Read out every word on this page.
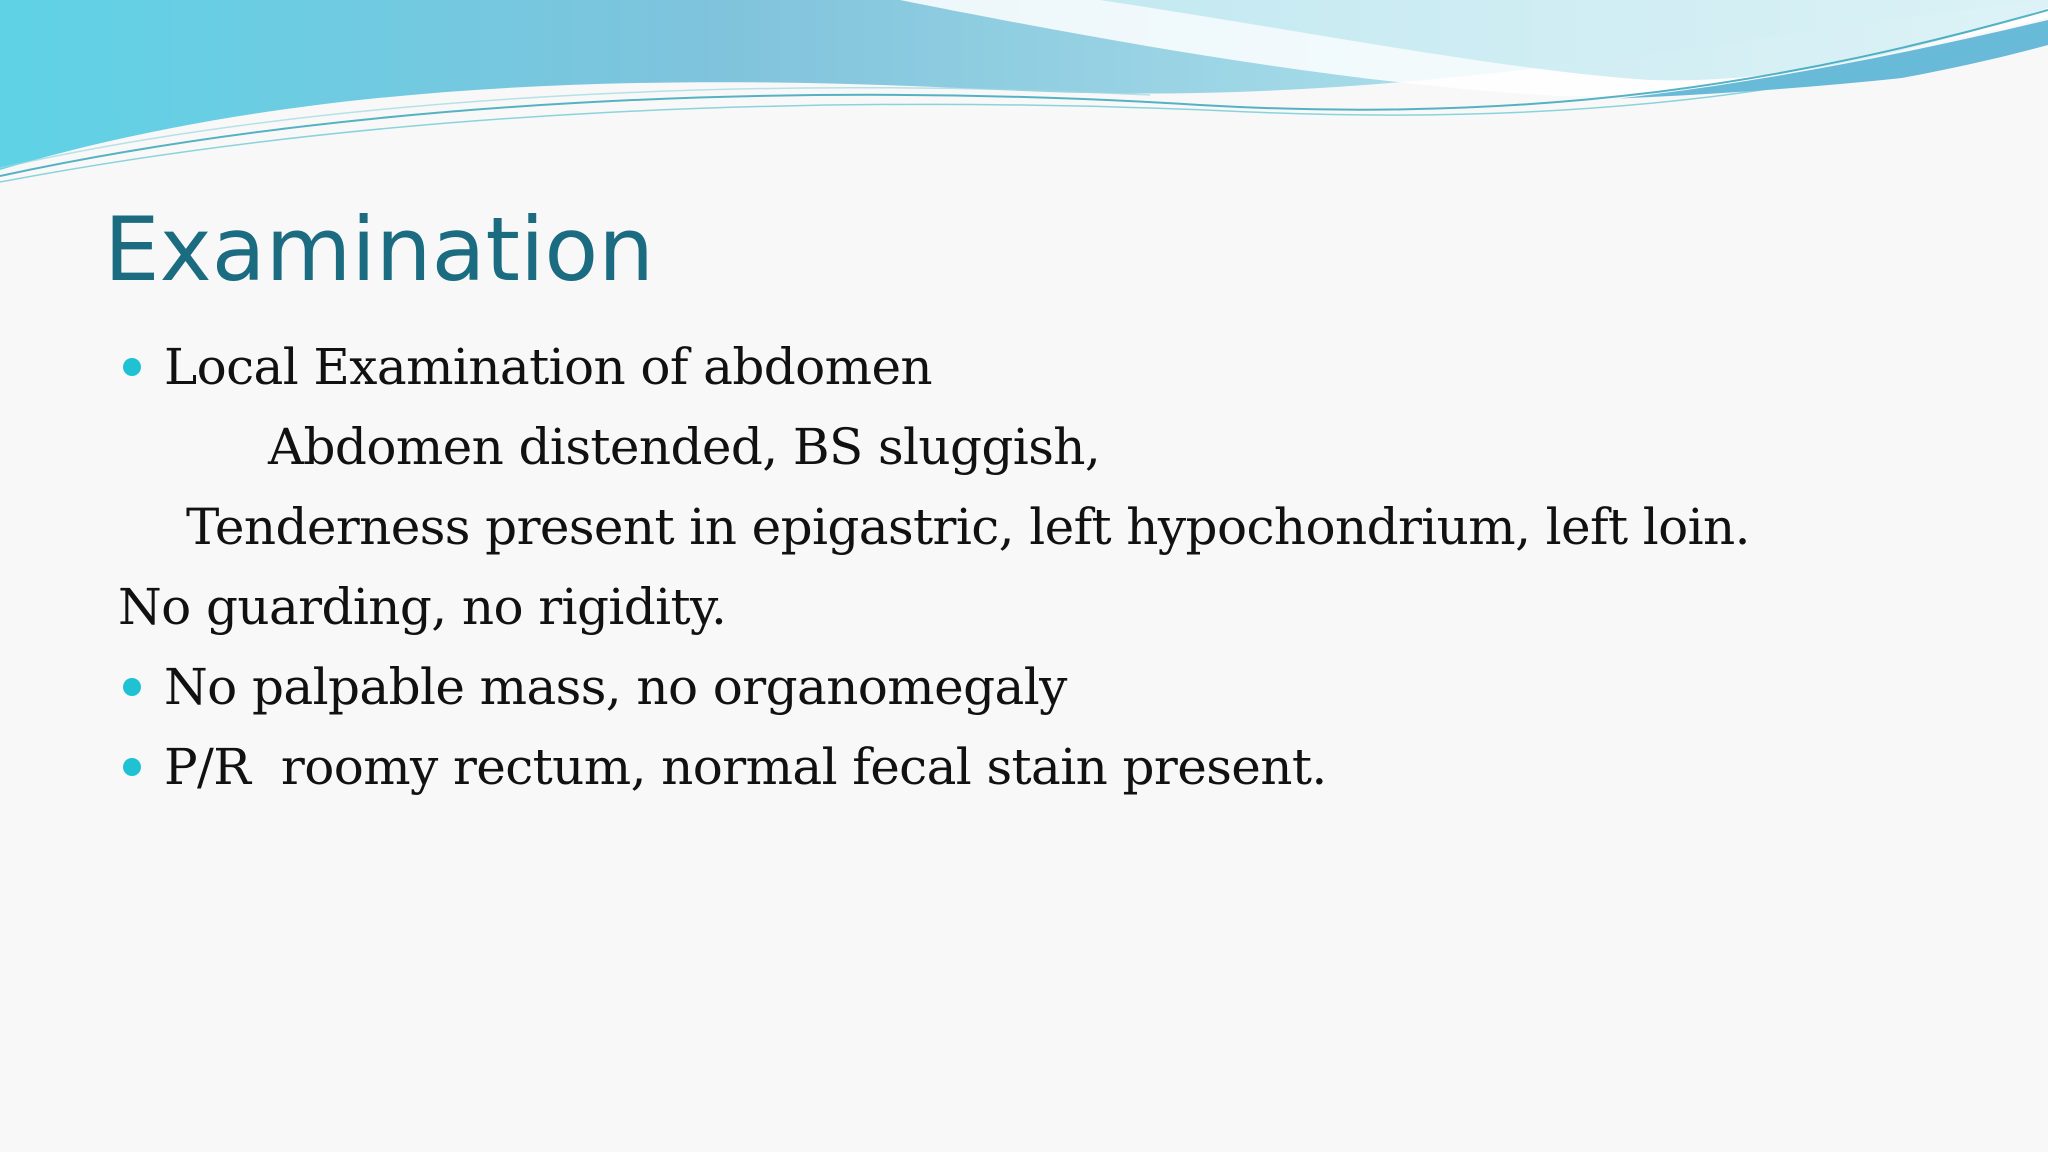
Examination
Local Examination of abdomen
Abdomen distended, BS sluggish,
Tenderness present in epigastric, left hypochondrium, left loin.
No guarding, no rigidity.
No palpable mass, no organomegaly
P/R  roomy rectum, normal fecal stain present.
